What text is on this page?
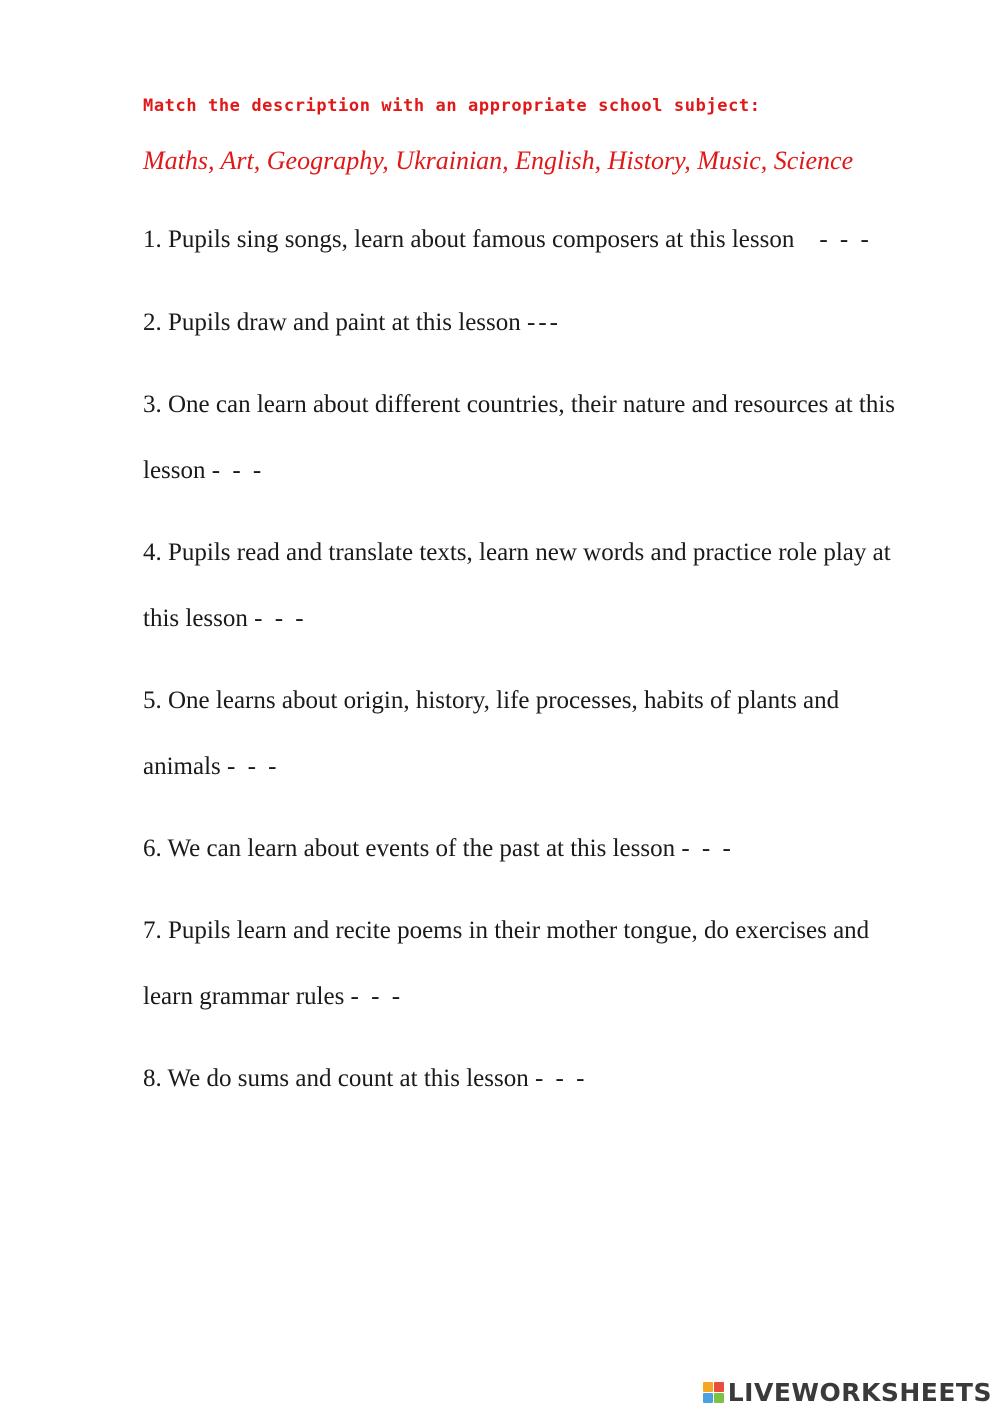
Match the description with an appropriate school subject:
Maths, Art, Geography, Ukrainian, English, History, Music, Science
1. Pupils sing songs, learn about famous composers at this lesson - - -
2. Pupils draw and paint at this lesson ---
3. One can learn about different countries, their nature and resources at this
lesson - - -
4. Pupils read and translate texts, learn new words and practice role play at
this lesson - - -
5. One learns about origin, history, life processes, habits of plants and
animals - - -
6. We can learn about events of the past at this lesson - - -
7. Pupils learn and recite poems in their mother tongue, do exercises and
learn grammar rules - - -
8. We do sums and count at this lesson - - -
LIVEWORKSHEETS
